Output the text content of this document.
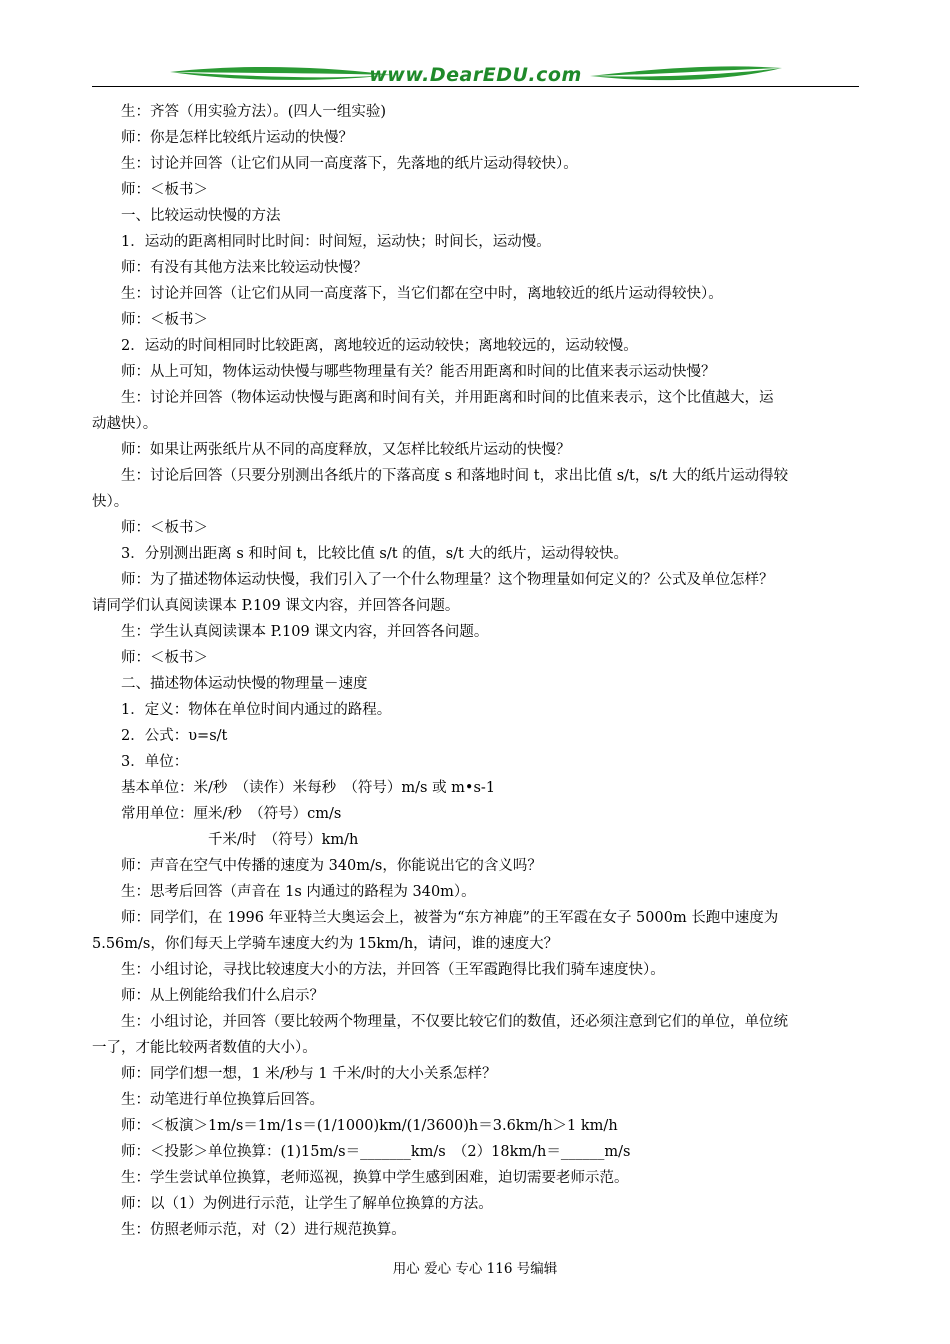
www.DearEDU.com
生：齐答（用实验方法）。(四人一组实验)
师：你是怎样比较纸片运动的快慢？
生：讨论并回答（让它们从同一高度落下，先落地的纸片运动得较快）。
师：＜板书＞
一、比较运动快慢的方法
1．运动的距离相同时比时间：时间短，运动快；时间长，运动慢。
师：有没有其他方法来比较运动快慢？
生：讨论并回答（让它们从同一高度落下，当它们都在空中时，离地较近的纸片运动得较快）。
师：＜板书＞
2．运动的时间相同时比较距离，离地较近的运动较快；离地较远的，运动较慢。
师：从上可知，物体运动快慢与哪些物理量有关？能否用距离和时间的比值来表示运动快慢？
生：讨论并回答（物体运动快慢与距离和时间有关，并用距离和时间的比值来表示，这个比值越大，运
动越快）。
师：如果让两张纸片从不同的高度释放，又怎样比较纸片运动的快慢？
生：讨论后回答（只要分别测出各纸片的下落高度 s 和落地时间 t，求出比值 s/t，s/t 大的纸片运动得较
快）。
师：＜板书＞
3．分别测出距离 s 和时间 t，比较比值 s/t 的值，s/t 大的纸片，运动得较快。
师：为了描述物体运动快慢，我们引入了一个什么物理量？这个物理量如何定义的？公式及单位怎样？
请同学们认真阅读课本 P.109 课文内容，并回答各问题。
生：学生认真阅读课本 P.109 课文内容，并回答各问题。
师：＜板书＞
二、描述物体运动快慢的物理量－速度
1．定义：物体在单位时间内通过的路程。
2．公式：υ=s/t
3．单位：
基本单位：米/秒　（读作）米每秒　（符号）m/s 或 m•s-1
常用单位：厘米/秒　（符号）cm/s
千米/时　（符号）km/h
师：声音在空气中传播的速度为 340m/s，你能说出它的含义吗？
生：思考后回答（声音在 1s 内通过的路程为 340m）。
师：同学们，在 1996 年亚特兰大奥运会上，被誉为“东方神鹿”的王军霞在女子 5000m 长跑中速度为
5.56m/s，你们每天上学骑车速度大约为 15km/h，请问，谁的速度大？
生：小组讨论，寻找比较速度大小的方法，并回答（王军霞跑得比我们骑车速度快）。
师：从上例能给我们什么启示？
生：小组讨论，并回答（要比较两个物理量，不仅要比较它们的数值，还必须注意到它们的单位，单位统
一了，才能比较两者数值的大小）。
师：同学们想一想，1 米/秒与 1 千米/时的大小关系怎样？
生：动笔进行单位换算后回答。
师：＜板演＞1m/s＝1m/1s＝(1/1000)km/(1/3600)h＝3.6km/h＞1 km/h
师：＜投影＞单位换算：(1)15m/s＝_______km/s　（2）18km/h＝______m/s
生：学生尝试单位换算，老师巡视，换算中学生感到困难，迫切需要老师示范。
师：以（1）为例进行示范，让学生了解单位换算的方法。
生：仿照老师示范，对（2）进行规范换算。
用心 爱心 专心 116 号编辑
